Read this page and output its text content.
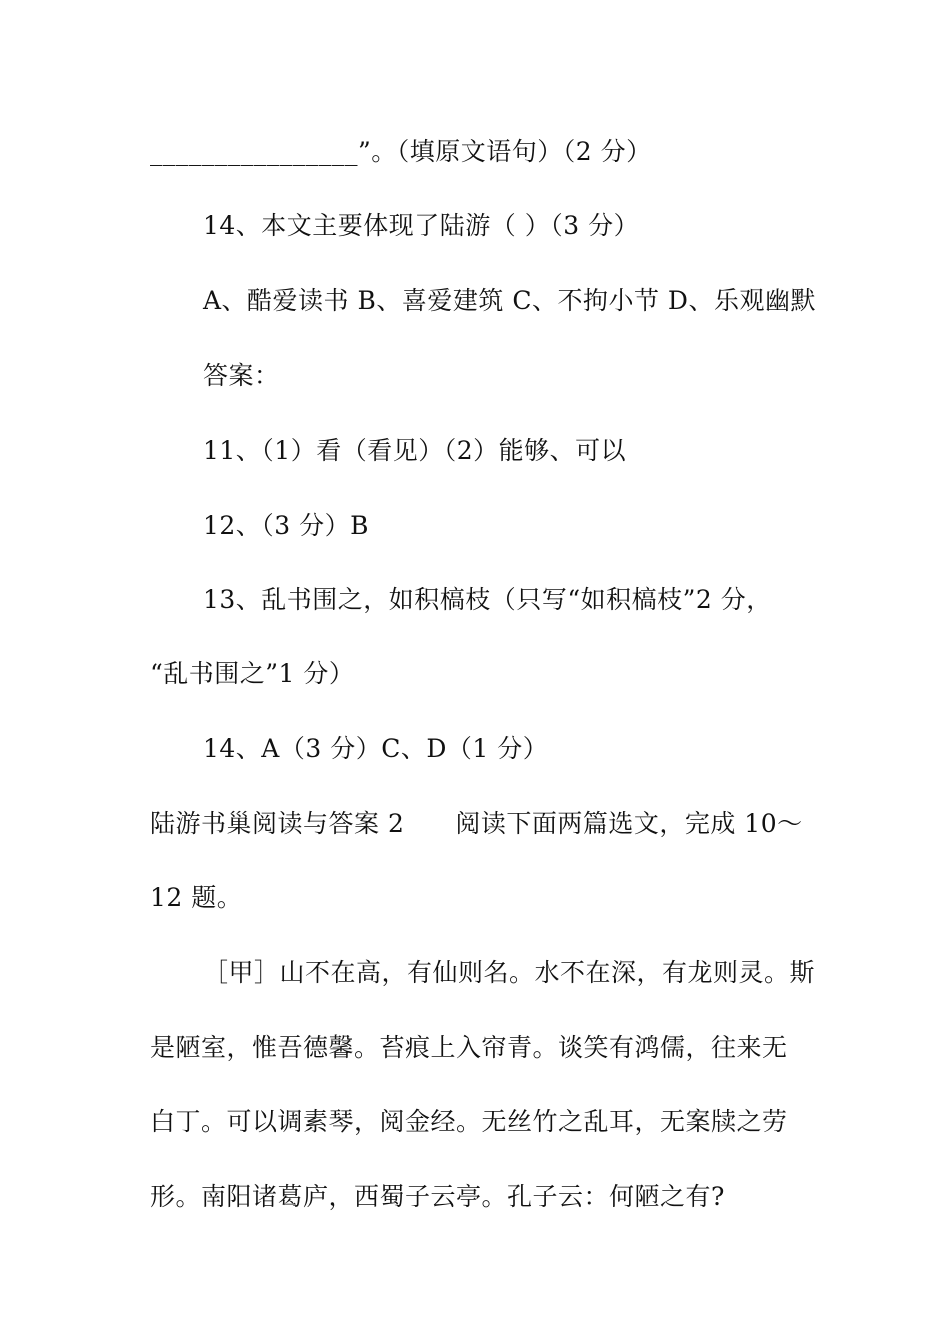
________________”。（填原文语句）（2 分）
14、本文主要体现了陆游（ ）（3 分）
A、酷爱读书 B、喜爱建筑 C、不拘小节 D、乐观幽默
答案：
11、（1）看（看见）（2）能够、可以
12、（3 分）B
13、乱书围之，如积槁枝（只写“如积槁枝”2 分，
“乱书围之”1 分）
14、A（3 分）C、D（1 分）
陆游书巢阅读与答案 2　　阅读下面两篇选文，完成 10～
12 题。
［甲］山不在高，有仙则名。水不在深，有龙则灵。斯
是陋室，惟吾德馨。苔痕上入帘青。谈笑有鸿儒，往来无
白丁。可以调素琴，阅金经。无丝竹之乱耳，无案牍之劳
形。南阳诸葛庐，西蜀子云亭。孔子云：何陋之有?
